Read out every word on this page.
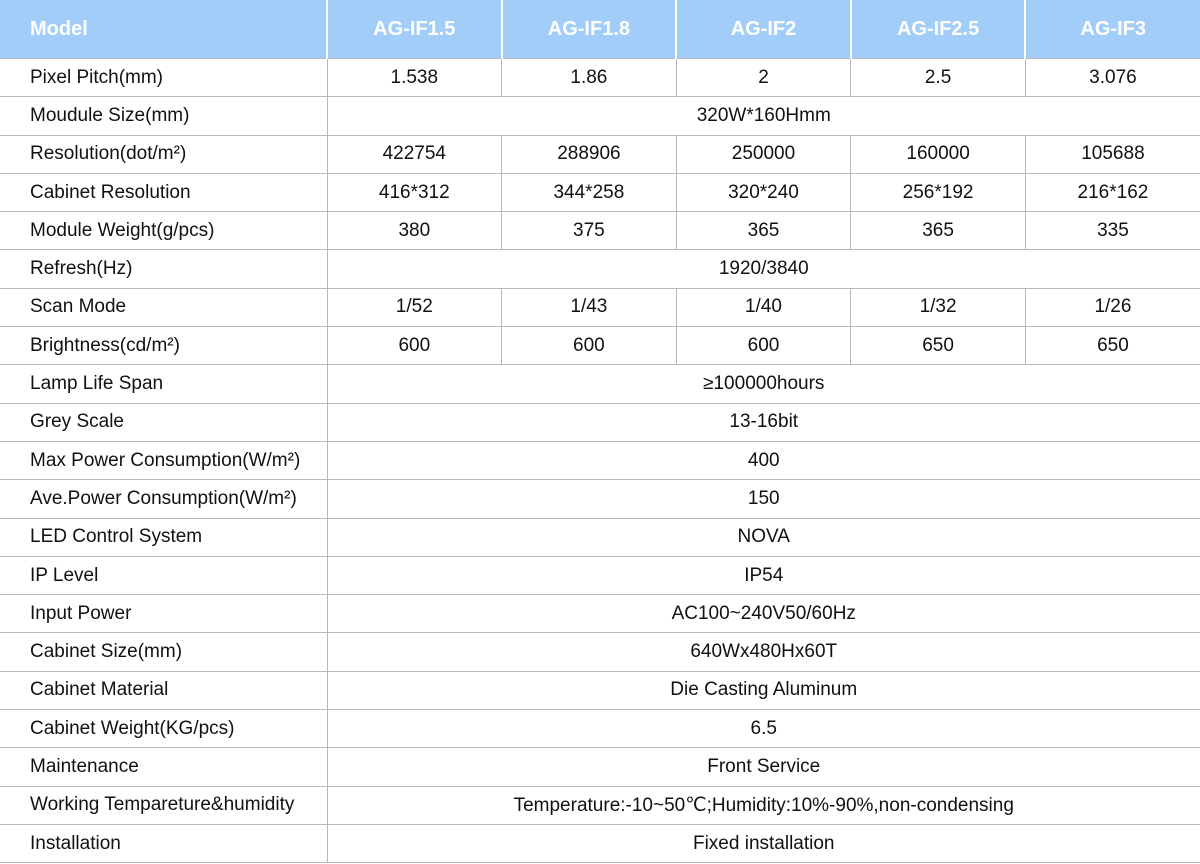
Model	AG-IF1.5	AG-IF1.8	AG-IF2	AG-IF2.5	AG-IF3
Pixel Pitch(mm)	1.538	1.86	2	2.5	3.076
Moudule Size(mm)	320W*160Hmm				
Resolution(dot/m²)	422754	288906	250000	160000	105688
Cabinet Resolution	416*312	344*258	320*240	256*192	216*162
Module Weight(g/pcs)	380	375	365	365	335
Refresh(Hz)	1920/3840				
Scan Mode	1/52	1/43	1/40	1/32	1/26
Brightness(cd/m²)	600	600	600	650	650
Lamp Life Span	≥100000hours				
Grey Scale	13-16bit				
Max Power Consumption(W/m²)	400				
Ave.Power Consumption(W/m²)	150				
LED Control System	NOVA				
IP Level	IP54				
Input Power	AC100~240V50/60Hz				
Cabinet Size(mm)	640Wx480Hx60T				
Cabinet Material	Die Casting Aluminum				
Cabinet Weight(KG/pcs)	6.5				
Maintenance	Front Service				
Working Tempareture&humidity	Temperature:-10~50℃;Humidity:10%-90%,non-condensing				
Installation	Fixed installation				
